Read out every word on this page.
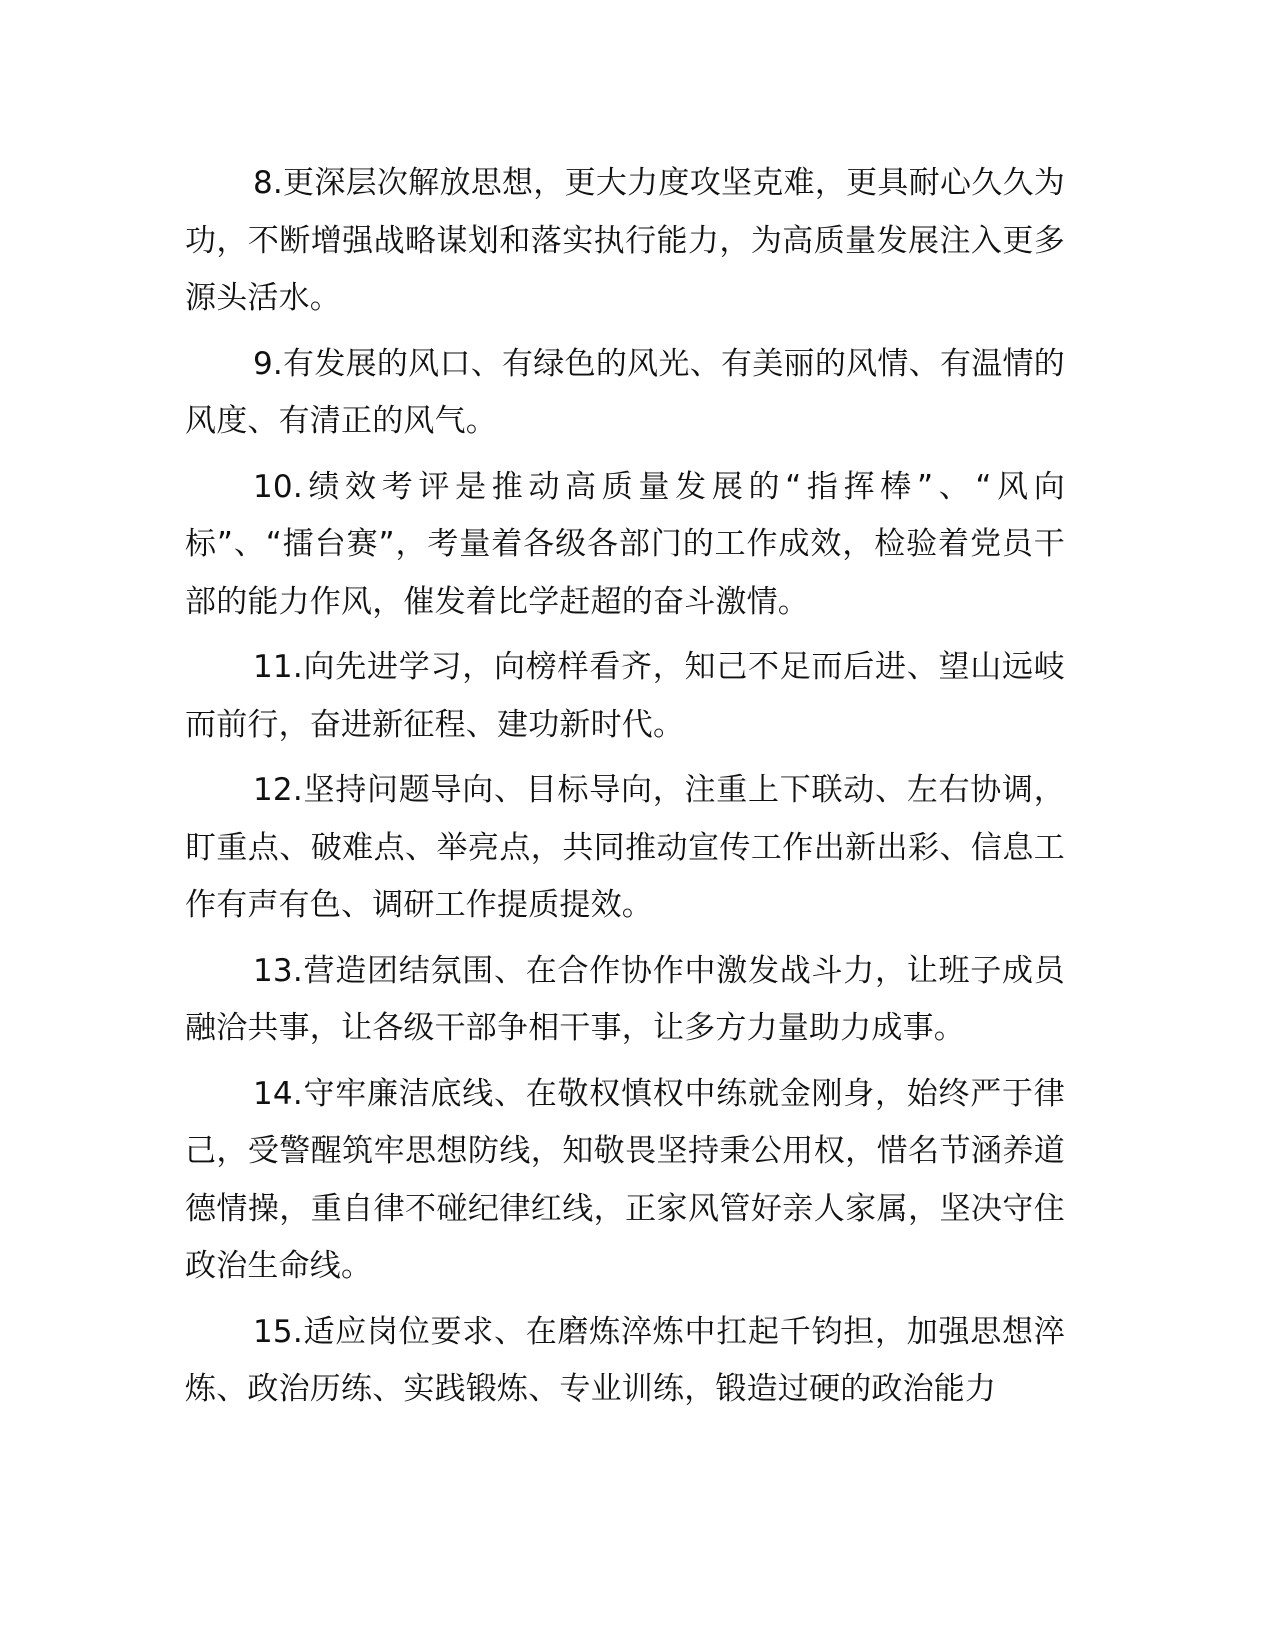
8.更深层次解放思想，更大力度攻坚克难，更具耐心久久为功，不断增强战略谋划和落实执行能力，为高质量发展注入更多源头活水。

9.有发展的风口、有绿色的风光、有美丽的风情、有温情的风度、有清正的风气。

10.绩效考评是推动高质量发展的“指挥棒”、“风向标”、“擂台赛”，考量着各级各部门的工作成效，检验着党员干部的能力作风，催发着比学赶超的奋斗激情。

11.向先进学习，向榜样看齐，知己不足而后进、望山远岐而前行，奋进新征程、建功新时代。

12.坚持问题导向、目标导向，注重上下联动、左右协调，盯重点、破难点、举亮点，共同推动宣传工作出新出彩、信息工作有声有色、调研工作提质提效。

13.营造团结氛围、在合作协作中激发战斗力，让班子成员融洽共事，让各级干部争相干事，让多方力量助力成事。

14.守牢廉洁底线、在敬权慎权中练就金刚身，始终严于律己，受警醒筑牢思想防线，知敬畏坚持秉公用权，惜名节涵养道德情操，重自律不碰纪律红线，正家风管好亲人家属，坚决守住政治生命线。

15.适应岗位要求、在磨炼淬炼中扛起千钧担，加强思想淬炼、政治历练、实践锻炼、专业训练，锻造过硬的政治能力
